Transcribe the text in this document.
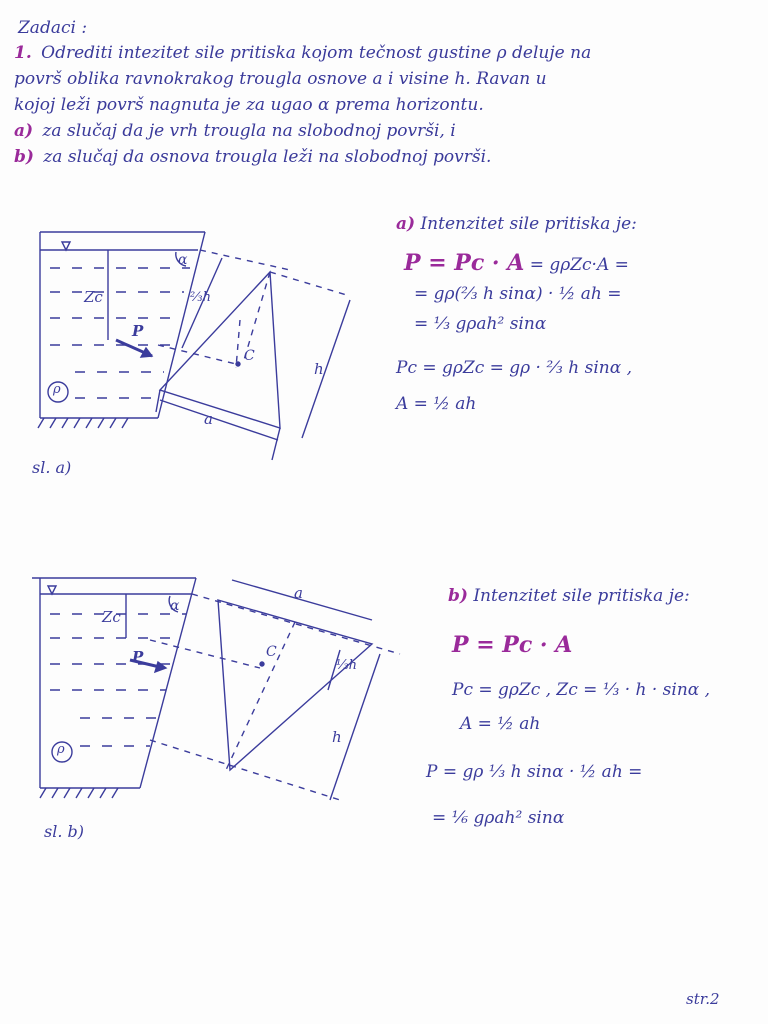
Zadaci :
1. Odrediti intezitet sile pritiska kojom tečnost gustine ρ deluje na
površ oblika ravnokrakog trougla osnove a i visine h. Ravan u
kojoj leži površ nagnuta je za ugao α prema horizontu.
a) za slučaj da je vrh trougla na slobodnoj površi, i
b) za slučaj da osnova trougla leži na slobodnoj površi.
Zc
P
α
ρ
C
a
h
⅔h
sl. a)
a) Intenzitet sile pritiska je:
P = Pc · A = gρZc·A =
= gρ(⅔ h sinα) · ½ ah =
= ⅓ gρah² sinα
Pc = gρZc = gρ · ⅔ h sinα ,
A = ½ ah
Zc
P
α
ρ
C
a
h
⅓h
sl. b)
b) Intenzitet sile pritiska je:
P = Pc · A
Pc = gρZc , Zc = ⅓ · h · sinα ,
A = ½ ah
P = gρ ⅓ h sinα · ½ ah =
= ⅙ gρah² sinα
str.2
